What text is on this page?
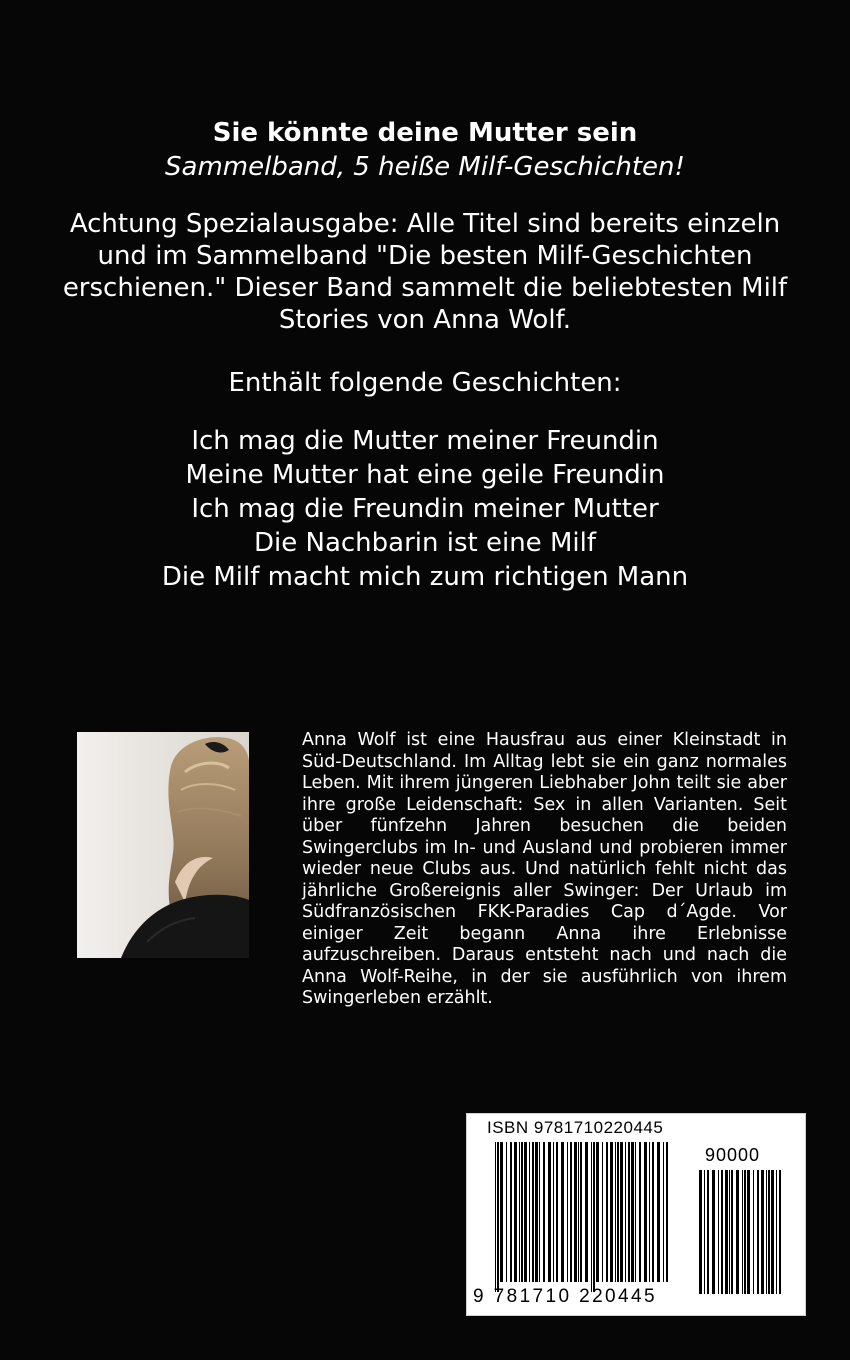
Sie könnte deine Mutter sein
Sammelband, 5 heiße Milf-Geschichten!
Achtung Spezialausgabe: Alle Titel sind bereits einzeln und im Sammelband "Die besten Milf-Geschichten erschienen." Dieser Band sammelt die beliebtesten Milf Stories von Anna Wolf.
Enthält folgende Geschichten:
Ich mag die Mutter meiner Freundin
Meine Mutter hat eine geile Freundin
Ich mag die Freundin meiner Mutter
Die Nachbarin ist eine Milf
Die Milf macht mich zum richtigen Mann
Anna Wolf ist eine Hausfrau aus einer Kleinstadt in Süd-Deutschland. Im Alltag lebt sie ein ganz normales Leben. Mit ihrem jüngeren Liebhaber John teilt sie aber ihre große Leidenschaft: Sex in allen Varianten. Seit über fünfzehn Jahren besuchen die beiden Swingerclubs im In- und Ausland und probieren immer wieder neue Clubs aus. Und natürlich fehlt nicht das jährliche Großereignis aller Swinger: Der Urlaub im Südfranzösischen FKK-Paradies Cap d´Agde. Vor einiger Zeit begann Anna ihre Erlebnisse aufzuschreiben. Daraus entsteht nach und nach die Anna Wolf-Reihe, in der sie ausführlich von ihrem Swingerleben erzählt.
ISBN 9781710220445
90000
9 781710 220445
